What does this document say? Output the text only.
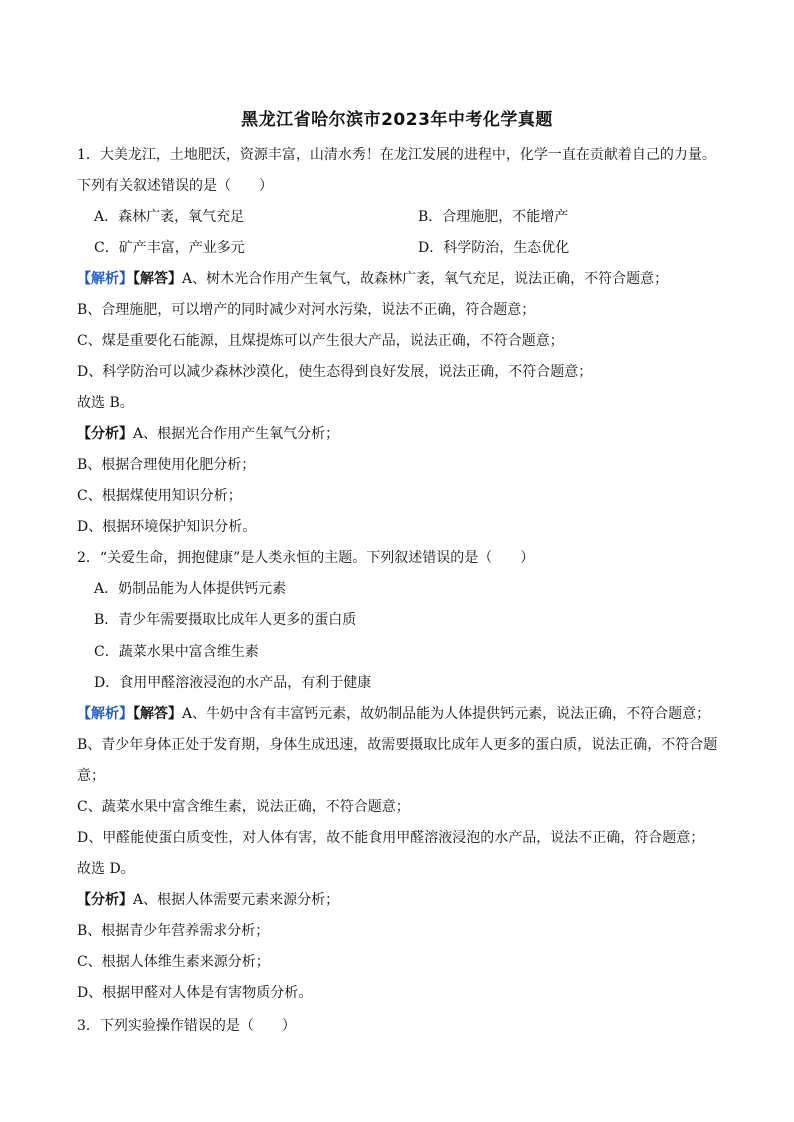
黑龙江省哈尔滨市2023年中考化学真题
1．大美龙江，土地肥沃，资源丰富，山清水秀！在龙江发展的进程中，化学一直在贡献着自己的力量。
下列有关叙述错误的是（　　）
A．森林广袤，氧气充足	B．合理施肥，不能增产
C．矿产丰富，产业多元	D．科学防治，生态优化
【解析】【解答】A、树木光合作用产生氧气，故森林广袤，氧气充足，说法正确，不符合题意；
B、合理施肥，可以增产的同时减少对河水污染，说法不正确，符合题意；
C、煤是重要化石能源，且煤提炼可以产生很大产品，说法正确，不符合题意；
D、科学防治可以减少森林沙漠化，使生态得到良好发展，说法正确，不符合题意；
故选 B。
【分析】A、根据光合作用产生氧气分析；
B、根据合理使用化肥分析；
C、根据煤使用知识分析；
D、根据环境保护知识分析。
2．“关爱生命，拥抱健康”是人类永恒的主题。下列叙述错误的是（　　）
A．奶制品能为人体提供钙元素
B．青少年需要摄取比成年人更多的蛋白质
C．蔬菜水果中富含维生素
D．食用甲醛溶液浸泡的水产品，有利于健康
【解析】【解答】A、牛奶中含有丰富钙元素，故奶制品能为人体提供钙元素，说法正确，不符合题意；
B、青少年身体正处于发育期，身体生成迅速，故需要摄取比成年人更多的蛋白质，说法正确，不符合题
意；
C、蔬菜水果中富含维生素，说法正确，不符合题意；
D、甲醛能使蛋白质变性，对人体有害，故不能食用甲醛溶液浸泡的水产品，说法不正确，符合题意；
故选 D。
【分析】A、根据人体需要元素来源分析；
B、根据青少年营养需求分析；
C、根据人体维生素来源分析；
D、根据甲醛对人体是有害物质分析。
3．下列实验操作错误的是（　　）
